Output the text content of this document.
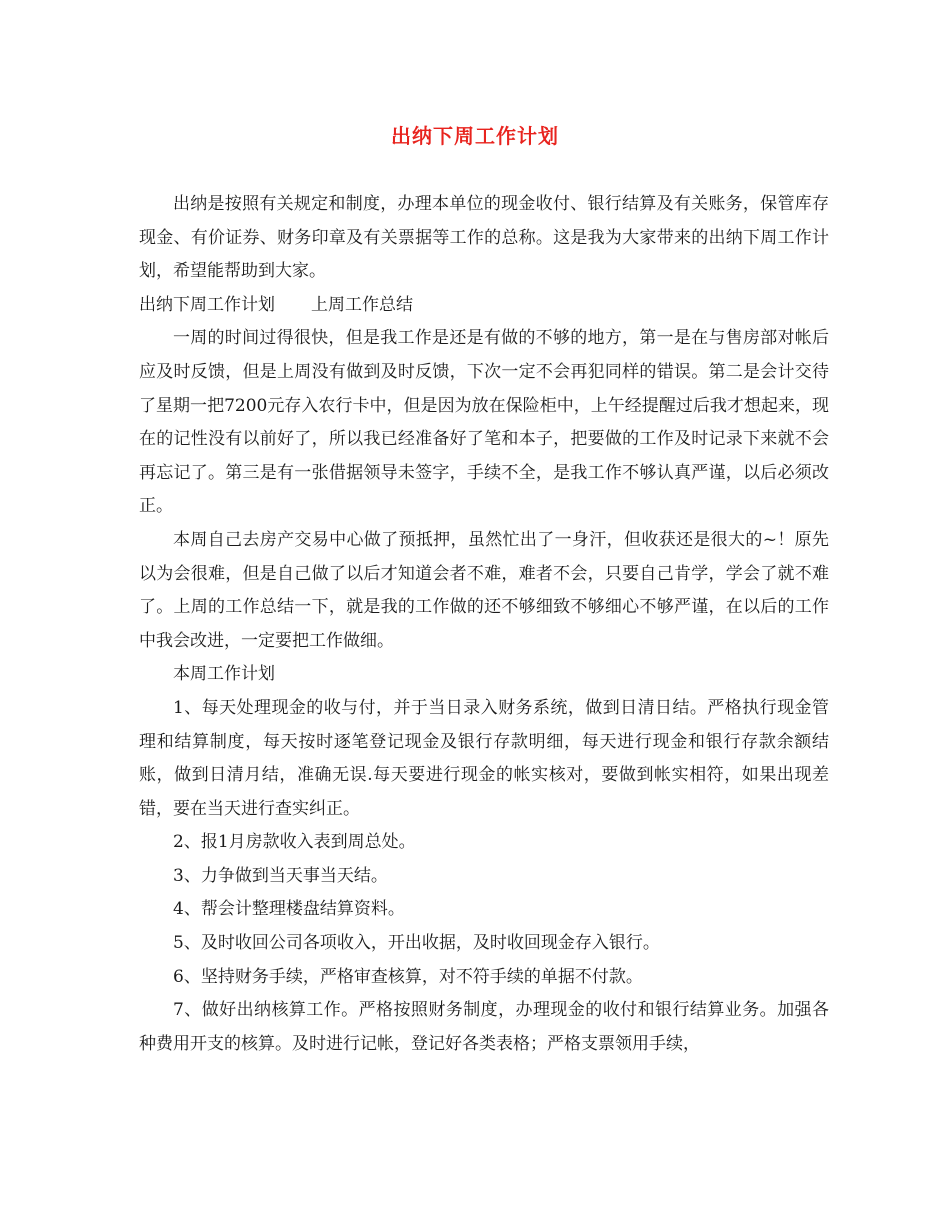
出纳下周工作计划

出纳是按照有关规定和制度，办理本单位的现金收付、银行结算及有关账务，保管库存现金、有价证券、财务印章及有关票据等工作的总称。这是我为大家带来的出纳下周工作计划，希望能帮助到大家。

出纳下周工作计划 上周工作总结

一周的时间过得很快，但是我工作是还是有做的不够的地方，第一是在与售房部对帐后应及时反馈，但是上周没有做到及时反馈，下次一定不会再犯同样的错误。第二是会计交待了星期一把7200元存入农行卡中，但是因为放在保险柜中，上午经提醒过后我才想起来，现在的记性没有以前好了，所以我已经准备好了笔和本子，把要做的工作及时记录下来就不会再忘记了。第三是有一张借据领导未签字，手续不全，是我工作不够认真严谨，以后必须改正。

本周自己去房产交易中心做了预抵押，虽然忙出了一身汗，但收获还是很大的~！原先以为会很难，但是自己做了以后才知道会者不难，难者不会，只要自己肯学，学会了就不难了。上周的工作总结一下，就是我的工作做的还不够细致不够细心不够严谨，在以后的工作中我会改进，一定要把工作做细。

本周工作计划

1、每天处理现金的收与付，并于当日录入财务系统，做到日清日结。严格执行现金管理和结算制度，每天按时逐笔登记现金及银行存款明细，每天进行现金和银行存款余额结账，做到日清月结，准确无误.每天要进行现金的帐实核对，要做到帐实相符，如果出现差错，要在当天进行查实纠正。

2、报1月房款收入表到周总处。

3、力争做到当天事当天结。

4、帮会计整理楼盘结算资料。

5、及时收回公司各项收入，开出收据，及时收回现金存入银行。

6、坚持财务手续，严格审查核算，对不符手续的单据不付款。

7、做好出纳核算工作。严格按照财务制度，办理现金的收付和银行结算业务。加强各种费用开支的核算。及时进行记帐，登记好各类表格；严格支票领用手续，
